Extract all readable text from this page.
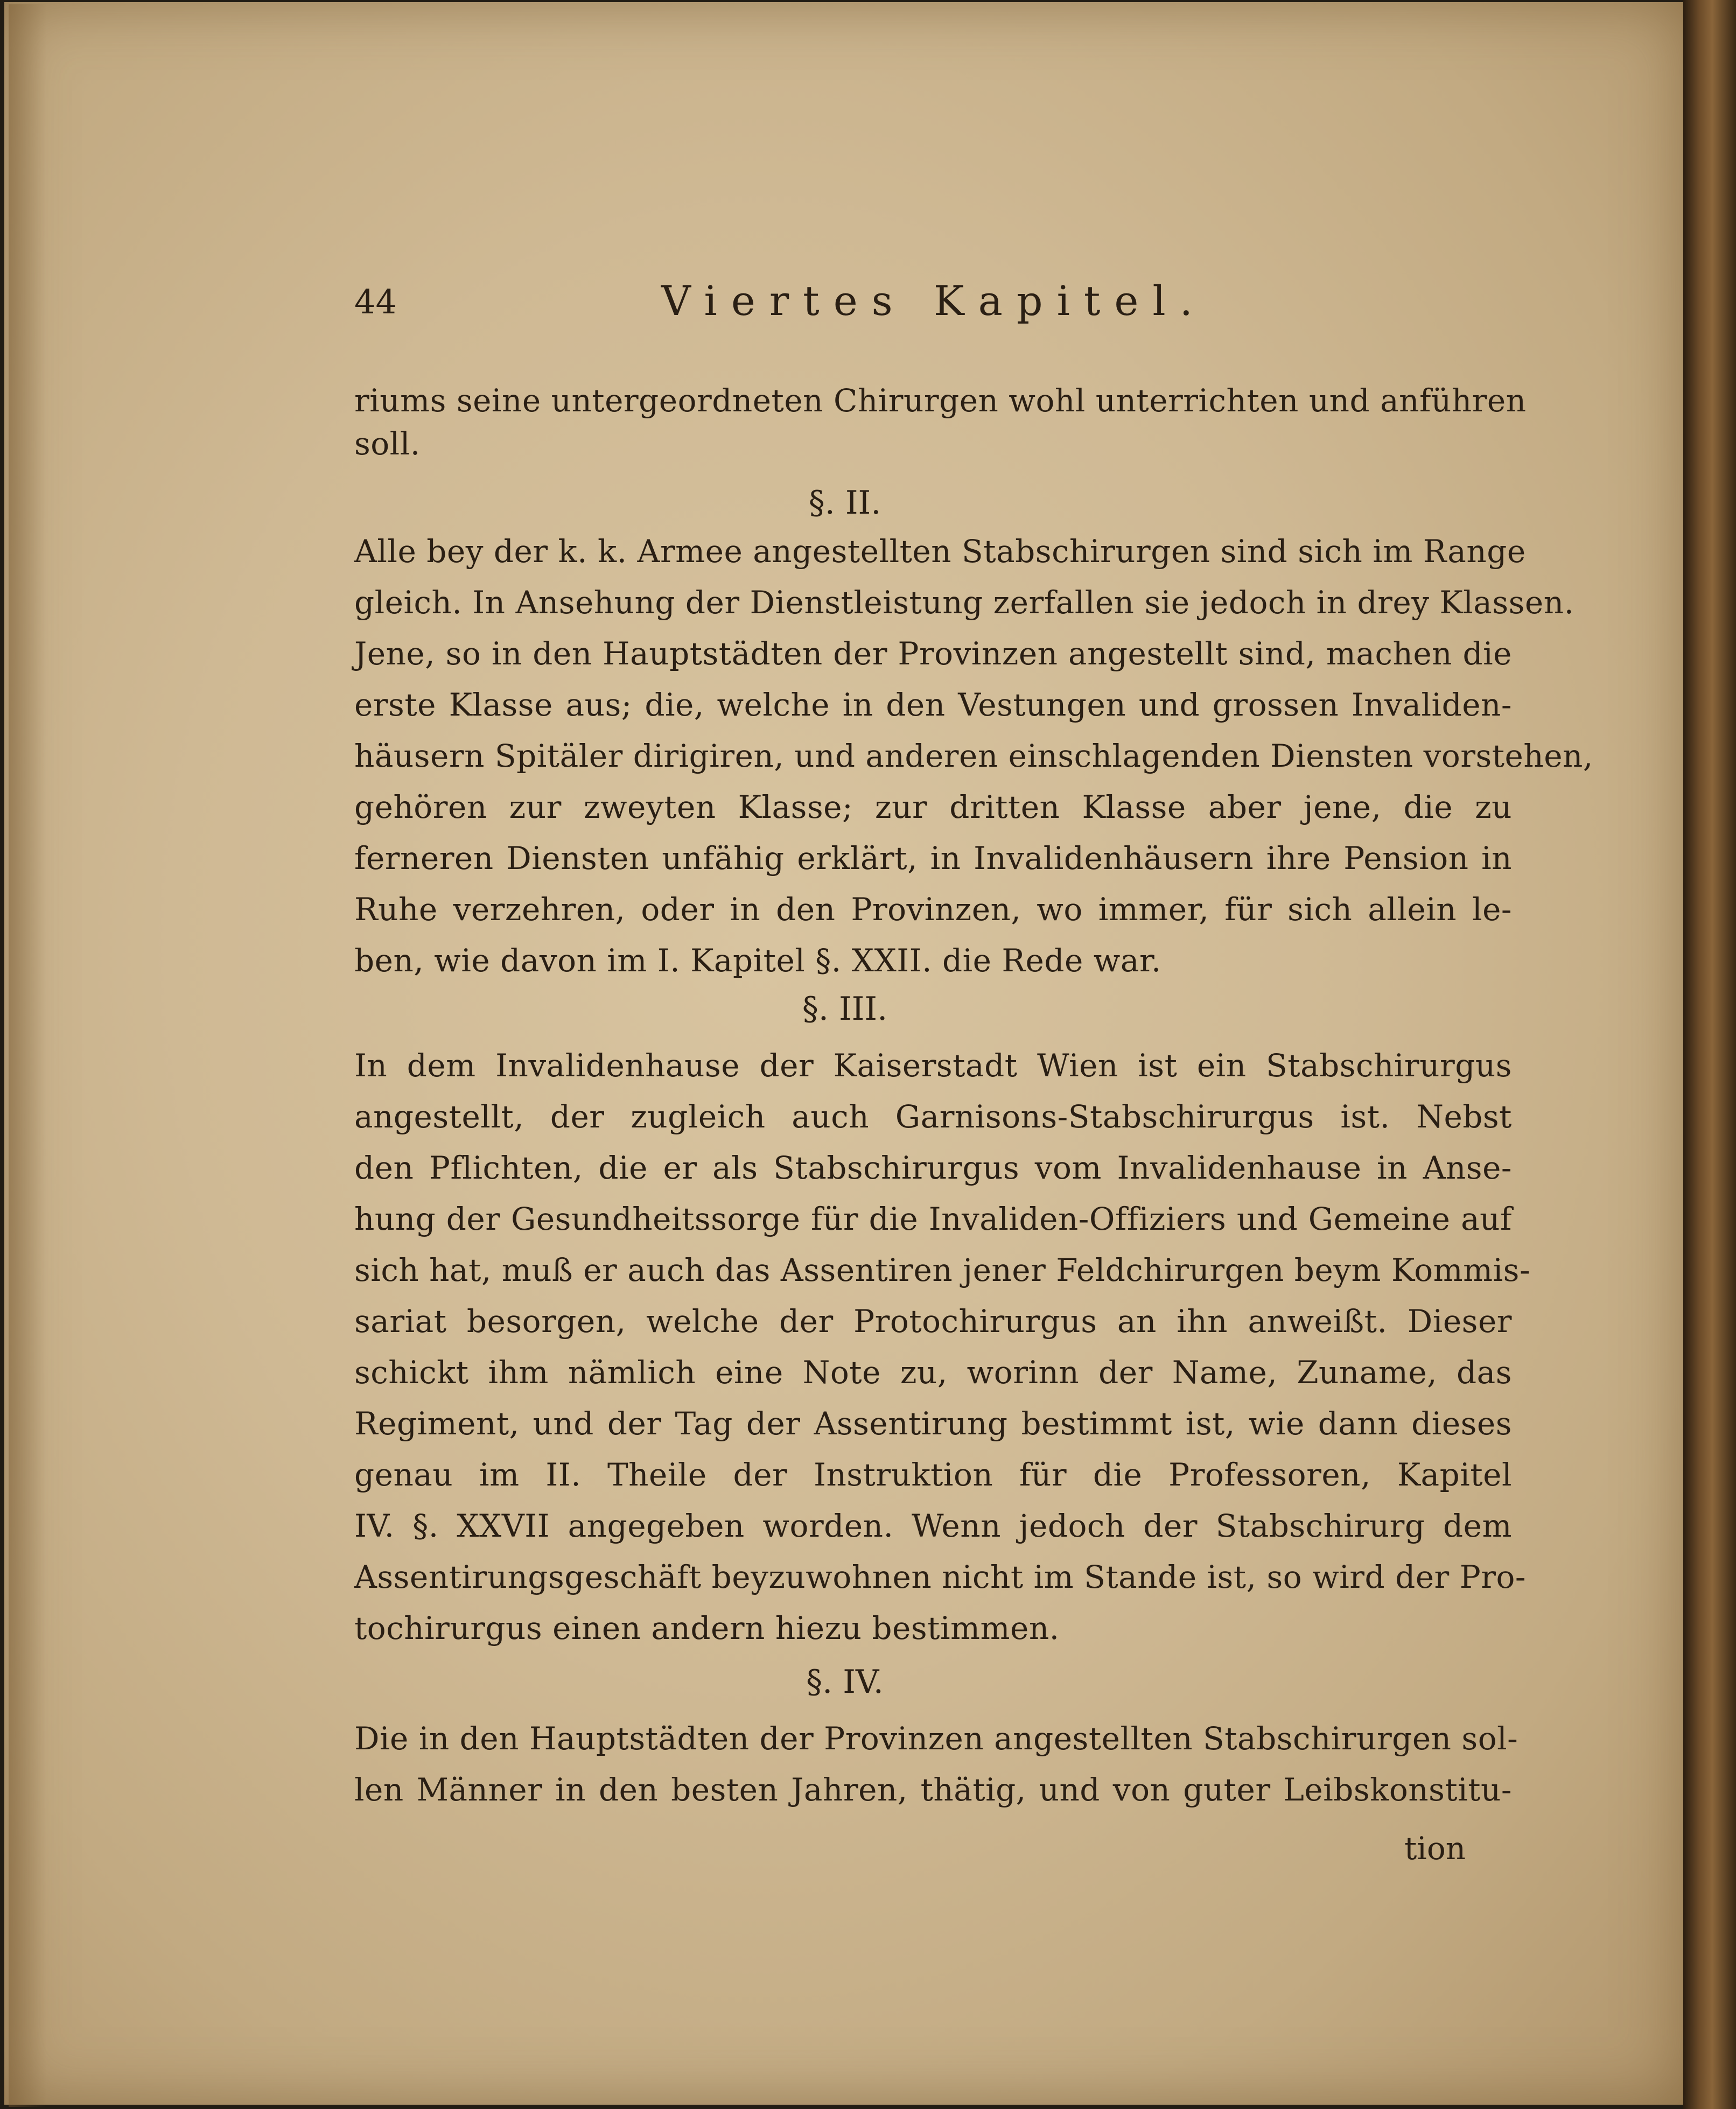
44	Viertes Kapitel.
riums seine untergeordneten Chirurgen wohl unterrichten und anführen
soll.
§. II.
Alle bey der k. k. Armee angestellten Stabschirurgen sind sich im Range
gleich. In Ansehung der Dienstleistung zerfallen sie jedoch in drey Klassen.
Jene, so in den Hauptstädten der Provinzen angestellt sind, machen die
erste Klasse aus; die, welche in den Vestungen und grossen Invaliden-
häusern Spitäler dirigiren, und anderen einschlagenden Diensten vorstehen,
gehören zur zweyten Klasse; zur dritten Klasse aber jene, die zu
ferneren Diensten unfähig erklärt, in Invalidenhäusern ihre Pension in
Ruhe verzehren, oder in den Provinzen, wo immer, für sich allein le-
ben, wie davon im I. Kapitel §. XXII. die Rede war.
§. III.
In dem Invalidenhause der Kaiserstadt Wien ist ein Stabschirurgus
angestellt, der zugleich auch Garnisons-Stabschirurgus ist. Nebst
den Pflichten, die er als Stabschirurgus vom Invalidenhause in Anse-
hung der Gesundheitssorge für die Invaliden-Offiziers und Gemeine auf
sich hat, muß er auch das Assentiren jener Feldchirurgen beym Kommis-
sariat besorgen, welche der Protochirurgus an ihn anweißt. Dieser
schickt ihm nämlich eine Note zu, worinn der Name, Zuname, das
Regiment, und der Tag der Assentirung bestimmt ist, wie dann dieses
genau im II. Theile der Instruktion für die Professoren, Kapitel
IV. §. XXVII angegeben worden. Wenn jedoch der Stabschirurg dem
Assentirungsgeschäft beyzuwohnen nicht im Stande ist, so wird der Pro-
tochirurgus einen andern hiezu bestimmen.
§. IV.
Die in den Hauptstädten der Provinzen angestellten Stabschirurgen sol-
len Männer in den besten Jahren, thätig, und von guter Leibskonstitu-
tion
